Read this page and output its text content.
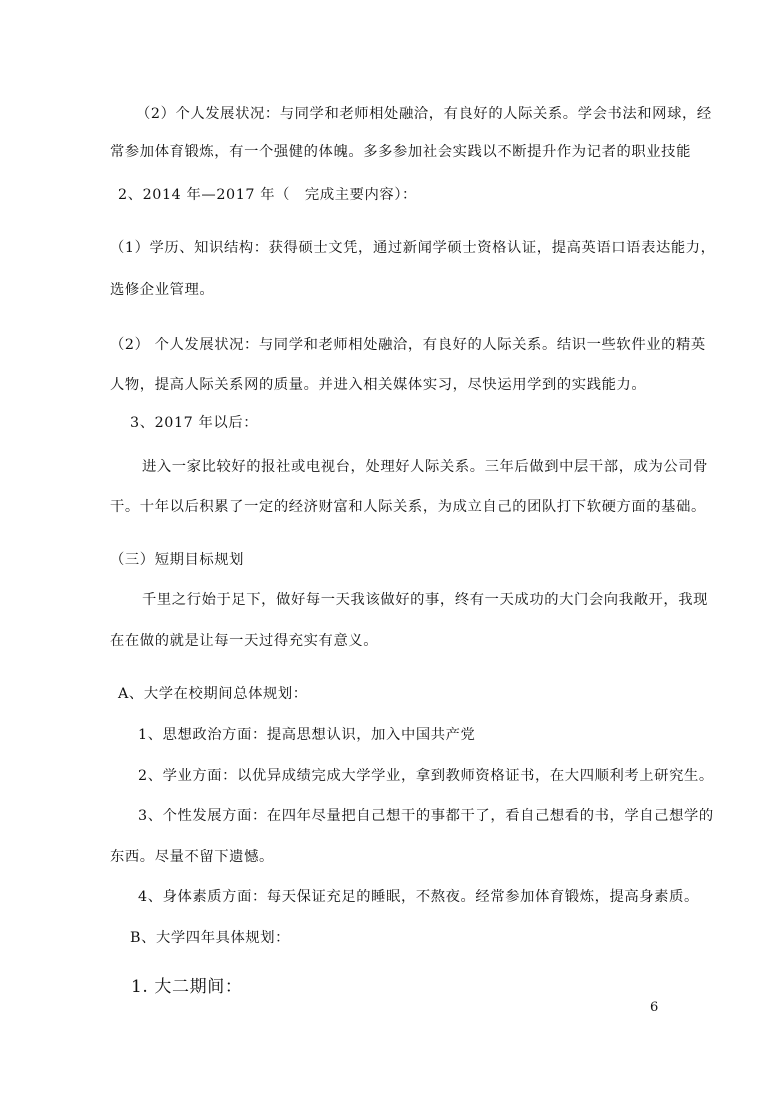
（2）个人发展状况：与同学和老师相处融洽，有良好的人际关系。学会书法和网球，经
常参加体育锻炼，有一个强健的体魄。多多参加社会实践以不断提升作为记者的职业技能
2、2014 年—2017 年（　完成主要内容）：
（1）学历、知识结构：获得硕士文凭，通过新闻学硕士资格认证，提高英语口语表达能力，
选修企业管理。
（2） 个人发展状况：与同学和老师相处融洽，有良好的人际关系。结识一些软件业的精英
人物，提高人际关系网的质量。并进入相关媒体实习，尽快运用学到的实践能力。
3、2017 年以后：
进入一家比较好的报社或电视台，处理好人际关系。三年后做到中层干部，成为公司骨
干。十年以后积累了一定的经济财富和人际关系，为成立自己的团队打下软硬方面的基础。
（三）短期目标规划
千里之行始于足下，做好每一天我该做好的事，终有一天成功的大门会向我敞开，我现
在在做的就是让每一天过得充实有意义。
A、大学在校期间总体规划：
1、思想政治方面：提高思想认识，加入中国共产党
2、学业方面：以优异成绩完成大学学业，拿到教师资格证书，在大四顺利考上研究生。
3、个性发展方面：在四年尽量把自己想干的事都干了，看自己想看的书，学自己想学的
东西。尽量不留下遗憾。
4、身体素质方面：每天保证充足的睡眠，不熬夜。经常参加体育锻炼，提高身素质。
B、大学四年具体规划：
1. 大二期间：
6
